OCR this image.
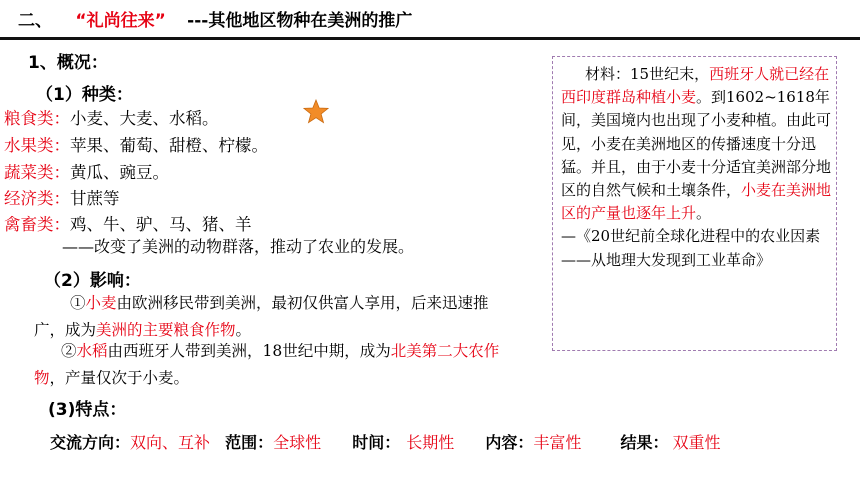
二、 “礼尚往来” ---其他地区物种在美洲的推广
1、概况：
（1）种类：
粮食类：小麦、大麦、水稻。
水果类：苹果、葡萄、甜橙、柠檬。
蔬菜类：黄瓜、豌豆。
经济类：甘蔗等
禽畜类：鸡、牛、驴、马、猪、羊
——改变了美洲的动物群落，推动了农业的发展。
（2）影响：
①小麦由欧洲移民带到美洲，最初仅供富人享用，后来迅速推广，成为美洲的主要粮食作物。
②水稻由西班牙人带到美洲，18世纪中期，成为北美第二大农作物，产量仅次于小麦。
(3)特点：
交流方向：双向、互补 范围：全球性 时间： 长期性 内容：丰富性 结果： 双重性
材料：15世纪末，西班牙人就已经在西印度群岛种植小麦。到1602~1618年间，美国境内也出现了小麦种植。由此可见，小麦在美洲地区的传播速度十分迅猛。并且，由于小麦十分适宜美洲部分地区的自然气候和土壤条件，小麦在美洲地区的产量也逐年上升。
—《20世纪前全球化进程中的农业因素——从地理大发现到工业革命》
